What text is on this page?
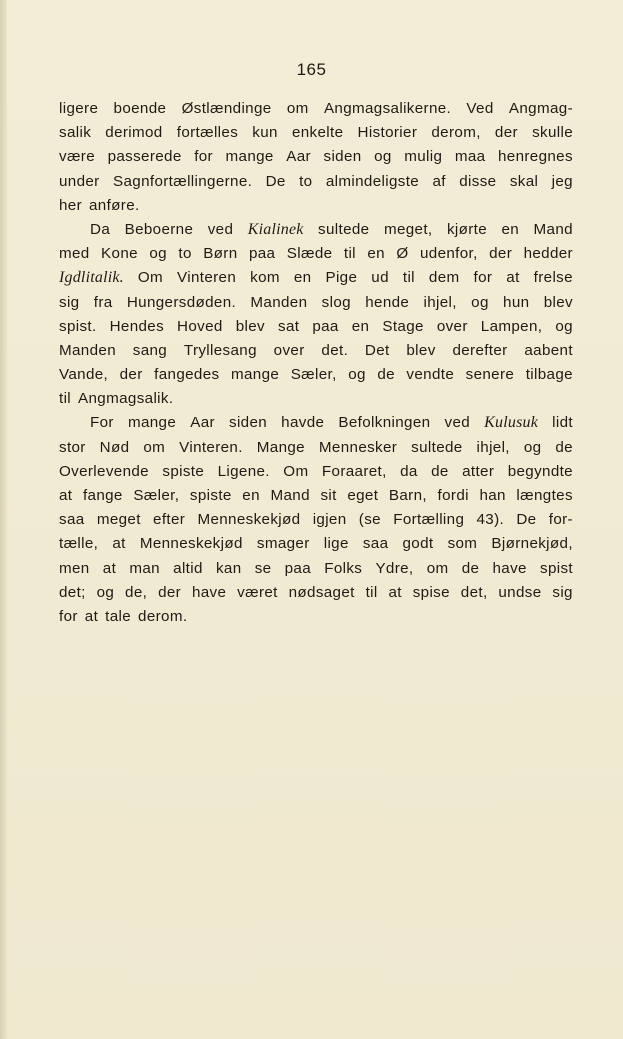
165
ligere boende Østlændinge om Angmagsalikerne. Ved Angmag-
salik derimod fortælles kun enkelte Historier derom, der skulle
være passerede for mange Aar siden og mulig maa henregnes
under Sagnfortællingerne. De to almindeligste af disse skal jeg
her anføre.
Da Beboerne ved Kialinek sultede meget, kjørte en Mand
med Kone og to Børn paa Slæde til en Ø udenfor, der hedder
Igdlitalik. Om Vinteren kom en Pige ud til dem for at frelse
sig fra Hungersdøden. Manden slog hende ihjel, og hun blev
spist. Hendes Hoved blev sat paa en Stage over Lampen, og
Manden sang Tryllesang over det. Det blev derefter aabent
Vande, der fangedes mange Sæler, og de vendte senere tilbage
til Angmagsalik.
For mange Aar siden havde Befolkningen ved Kulusuk lidt
stor Nød om Vinteren. Mange Mennesker sultede ihjel, og de
Overlevende spiste Ligene. Om Foraaret, da de atter begyndte
at fange Sæler, spiste en Mand sit eget Barn, fordi han længtes
saa meget efter Menneskekjød igjen (se Fortælling 43). De for-
tælle, at Menneskekjød smager lige saa godt som Bjørnekjød,
men at man altid kan se paa Folks Ydre, om de have spist
det; og de, der have været nødsaget til at spise det, undse sig
for at tale derom.
